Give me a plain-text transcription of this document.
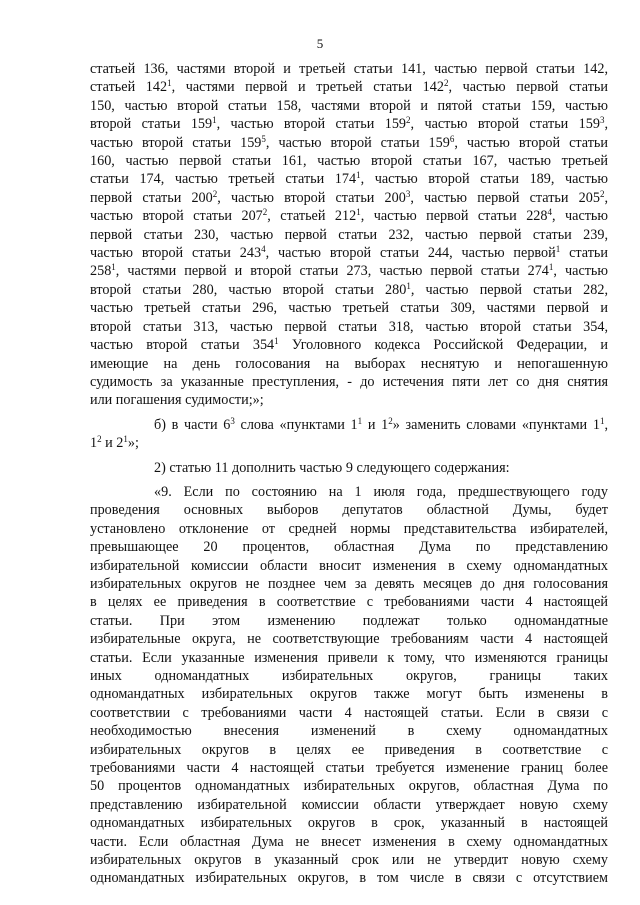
5
статьей 136, частями второй и третьей статьи 141, частью первой статьи 142,
статьей $142^1$, частями первой и третьей статьи $142^2$, частью первой статьи
150, частью второй статьи 158, частями второй и пятой статьи 159, частью
второй статьи $159^1$, частью второй статьи $159^2$, частью второй статьи $159^3$,
частью второй статьи $159^5$, частью второй статьи $159^6$, частью второй статьи
160, частью первой статьи 161, частью второй статьи 167, частью третьей
статьи 174, частью третьей статьи $174^1$, частью второй статьи 189, частью
первой статьи $200^2$, частью второй статьи $200^3$, частью первой статьи $205^2$,
частью второй статьи $207^2$, статьей $212^1$, частью первой статьи $228^4$, частью
первой статьи 230, частью первой статьи 232, частью первой статьи 239,
частью второй статьи $243^4$, частью второй статьи 244, частью первой$^1$ статьи
$258^1$, частями первой и второй статьи 273, частью первой статьи $274^1$, частью
второй статьи 280, частью второй статьи $280^1$, частью первой статьи 282,
частью третьей статьи 296, частью третьей статьи 309, частями первой и
второй статьи 313, частью первой статьи 318, частью второй статьи 354,
частью второй статьи $354^1$ Уголовного кодекса Российской Федерации, и
имеющие на день голосования на выборах неснятую и непогашенную
судимость за указанные преступления, - до истечения пяти лет со дня снятия
или погашения судимости;»;
б) в части $6^3$ слова «пунктами $1^1$ и $1^2$» заменить словами «пунктами $1^1$,
$1^2$ и $2^1$»;
2) статью 11 дополнить частью 9 следующего содержания:
«9. Если по состоянию на 1 июля года, предшествующего году
проведения основных выборов депутатов областной Думы, будет
установлено отклонение от средней нормы представительства избирателей,
превышающее 20 процентов, областная Дума по представлению
избирательной комиссии области вносит изменения в схему одномандатных
избирательных округов не позднее чем за девять месяцев до дня голосования
в целях ее приведения в соответствие с требованиями части 4 настоящей
статьи. При этом изменению подлежат только одномандатные
избирательные округа, не соответствующие требованиям части 4 настоящей
статьи. Если указанные изменения привели к тому, что изменяются границы
иных одномандатных избирательных округов, границы таких
одномандатных избирательных округов также могут быть изменены в
соответствии с требованиями части 4 настоящей статьи. Если в связи с
необходимостью внесения изменений в схему одномандатных
избирательных округов в целях ее приведения в соответствие с
требованиями части 4 настоящей статьи требуется изменение границ более
50 процентов одномандатных избирательных округов, областная Дума по
представлению избирательной комиссии области утверждает новую схему
одномандатных избирательных округов в срок, указанный в настоящей
части. Если областная Дума не внесет изменения в схему одномандатных
избирательных округов в указанный срок или не утвердит новую схему
одномандатных избирательных округов, в том числе в связи с отсутствием
